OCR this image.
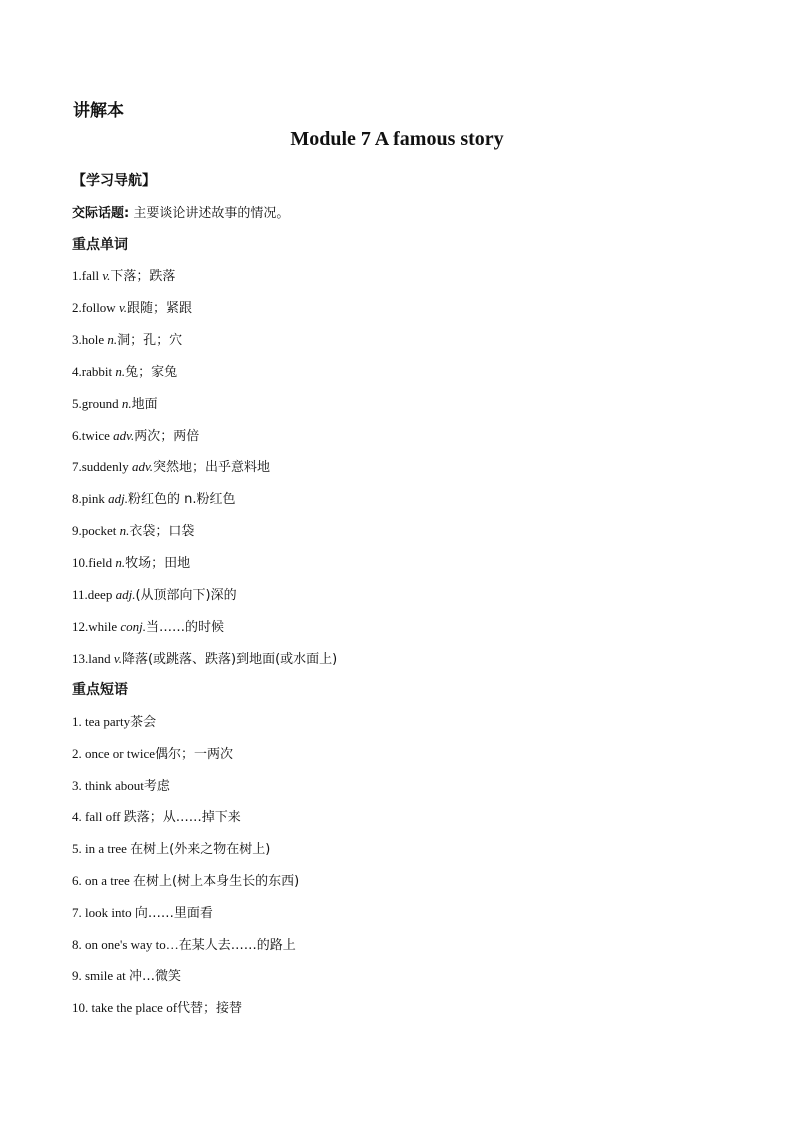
讲解本
Module 7 A famous story
【学习导航】
交际话题: 主要谈论讲述故事的情况。
重点单词
1.fall v.下落；跌落
2.follow v.跟随；紧跟
3.hole n.洞；孔；穴
4.rabbit n.兔；家兔
5.ground n.地面
6.twice adv.两次；两倍
7.suddenly adv.突然地；出乎意料地
8.pink adj.粉红色的 n.粉红色
9.pocket n.衣袋；口袋
10.field n.牧场；田地
11.deep adj.(从顶部向下)深的
12.while conj.当……的时候
13.land v.降落(或跳落、跌落)到地面(或水面上)
重点短语
1. tea party茶会
2. once or twice偶尔；一两次
3. think about考虑
4. fall off 跌落；从……掉下来
5. in a tree 在树上(外来之物在树上)
6. on a tree 在树上(树上本身生长的东西)
7. look into 向……里面看
8. on one's way to…在某人去……的路上
9. smile at 冲…微笑
10. take the place of代替；接替
